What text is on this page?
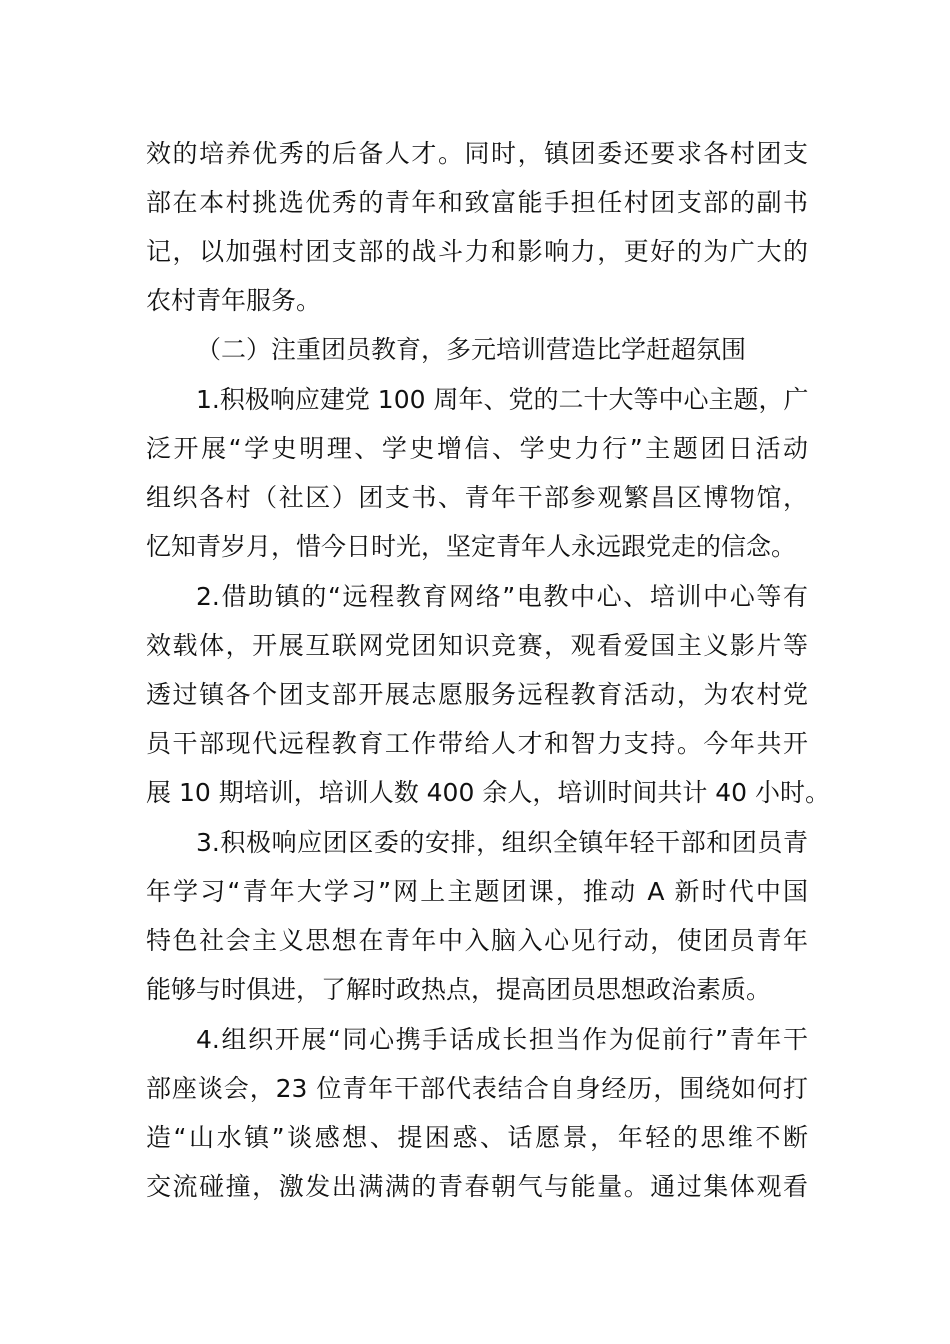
效的培养优秀的后备人才。同时，镇团委还要求各村团支
部在本村挑选优秀的青年和致富能手担任村团支部的副书
记，以加强村团支部的战斗力和影响力，更好的为广大的
农村青年服务。
（二）注重团员教育，多元培训营造比学赶超氛围
1.积极响应建党 100 周年、党的二十大等中心主题，广
泛开展“学史明理、学史增信、学史力行”主题团日活动
组织各村（社区）团支书、青年干部参观繁昌区博物馆，
忆知青岁月，惜今日时光，坚定青年人永远跟党走的信念。
2.借助镇的“远程教育网络”电教中心、培训中心等有
效载体，开展互联网党团知识竞赛，观看爱国主义影片等
透过镇各个团支部开展志愿服务远程教育活动，为农村党
员干部现代远程教育工作带给人才和智力支持。今年共开
展 10 期培训，培训人数 400 余人，培训时间共计 40 小时。
3.积极响应团区委的安排，组织全镇年轻干部和团员青
年学习“青年大学习”网上主题团课，推动 A 新时代中国
特色社会主义思想在青年中入脑入心见行动，使团员青年
能够与时俱进，了解时政热点，提高团员思想政治素质。
4.组织开展“同心携手话成长担当作为促前行”青年干
部座谈会，23 位青年干部代表结合自身经历，围绕如何打
造“山水镇”谈感想、提困惑、话愿景，年轻的思维不断
交流碰撞，激发出满满的青春朝气与能量。通过集体观看
